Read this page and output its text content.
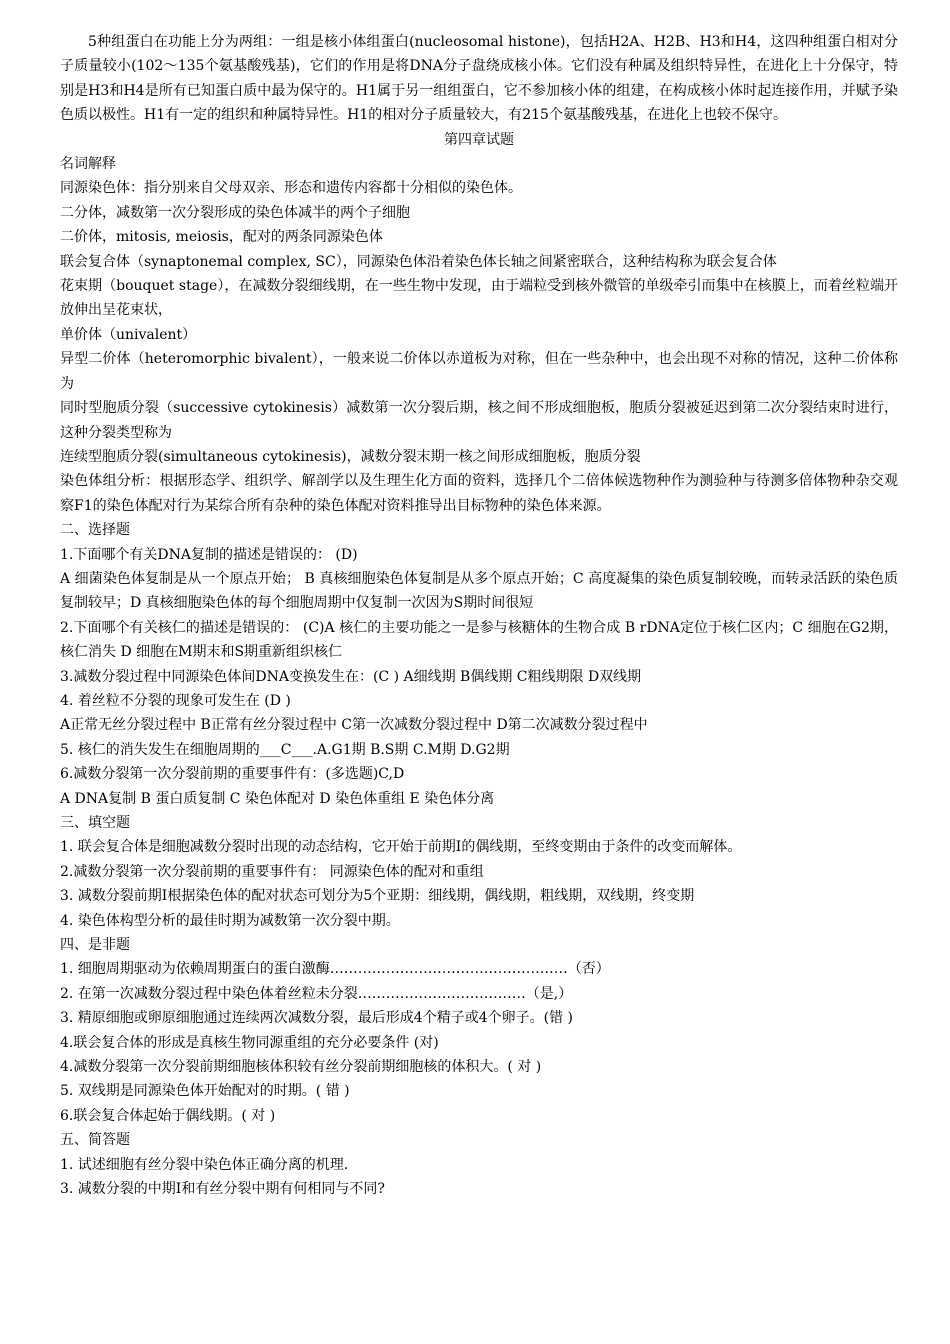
5种组蛋白在功能上分为两组：一组是核小体组蛋白(nucleosomal histone)，包括H2A、H2B、H3和H4，这四种组蛋白相对分子质量较小(102～135个氨基酸残基)，它们的作用是将DNA分子盘绕成核小体。它们没有种属及组织特异性，在进化上十分保守，特别是H3和H4是所有已知蛋白质中最为保守的。H1属于另一组组蛋白，它不参加核小体的组建，在构成核小体时起连接作用，并赋予染色质以极性。H1有一定的组织和种属特异性。H1的相对分子质量较大，有215个氨基酸残基，在进化上也较不保守。

第四章试题

名词解释

同源染色体：指分别来自父母双亲、形态和遗传内容都十分相似的染色体。

二分体，减数第一次分裂形成的染色体减半的两个子细胞

二价体，mitosis, meiosis，配对的两条同源染色体

联会复合体（synaptonemal complex, SC），同源染色体沿着染色体长轴之间紧密联合，这种结构称为联会复合体

花束期（bouquet stage），在减数分裂细线期，在一些生物中发现，由于端粒受到核外微管的单级牵引而集中在核膜上，而着丝粒端开放伸出呈花束状，

单价体（univalent）

异型二价体（heteromorphic bivalent），一般来说二价体以赤道板为对称，但在一些杂种中，也会出现不对称的情况，这种二价体称为

同时型胞质分裂（successive cytokinesis）减数第一次分裂后期，核之间不形成细胞板，胞质分裂被延迟到第二次分裂结束时进行，这种分裂类型称为

连续型胞质分裂(simultaneous cytokinesis)，减数分裂末期一核之间形成细胞板，胞质分裂

染色体组分析：根据形态学、组织学、解剖学以及生理生化方面的资料，选择几个二倍体候选物种作为测验种与待测多倍体物种杂交观察F1的染色体配对行为某综合所有杂种的染色体配对资料推导出目标物种的染色体来源。

二、选择题

1.下面哪个有关DNA复制的描述是错误的： (D)

A 细菌染色体复制是从一个原点开始； B 真核细胞染色体复制是从多个原点开始；C 高度凝集的染色质复制较晚，而转录活跃的染色质复制较早；D 真核细胞染色体的每个细胞周期中仅复制一次因为S期时间很短

2.下面哪个有关核仁的描述是错误的： (C)A 核仁的主要功能之一是参与核糖体的生物合成 B rDNA定位于核仁区内；C 细胞在G2期，核仁消失 D 细胞在M期末和S期重新组织核仁

3.减数分裂过程中同源染色体间DNA变换发生在：(C ) A细线期 B偶线期 C粗线期限 D双线期

4. 着丝粒不分裂的现象可发生在 (D )

A正常无丝分裂过程中 B正常有丝分裂过程中 C第一次减数分裂过程中 D第二次减数分裂过程中

5. 核仁的消失发生在细胞周期的___C___.A.G1期 B.S期 C.M期 D.G2期

6.减数分裂第一次分裂前期的重要事件有：(多选题)C,D

A DNA复制 B 蛋白质复制 C 染色体配对 D 染色体重组 E 染色体分离

三、填空题

1. 联会复合体是细胞减数分裂时出现的动态结构，它开始于前期Ⅰ的偶线期，至终变期由于条件的改变而解体。

2.减数分裂第一次分裂前期的重要事件有： 同源染色体的配对和重组

3. 减数分裂前期Ⅰ根据染色体的配对状态可划分为5个亚期：细线期，偶线期，粗线期，双线期，终变期

4. 染色体构型分析的最佳时期为减数第一次分裂中期。

四、是非题

1. 细胞周期驱动为依赖周期蛋白的蛋白激酶……………………………………………（否）

2. 在第一次减数分裂过程中染色体着丝粒未分裂………………………………（是,）

3. 精原细胞或卵原细胞通过连续两次减数分裂，最后形成4个精子或4个卵子。(错 )

4.联会复合体的形成是真核生物同源重组的充分必要条件 (对)

4.减数分裂第一次分裂前期细胞核体积较有丝分裂前期细胞核的体积大。( 对 )

5. 双线期是同源染色体开始配对的时期。( 错 )

6.联会复合体起始于偶线期。( 对 )

五、简答题

1. 试述细胞有丝分裂中染色体正确分离的机理.

3. 减数分裂的中期Ⅰ和有丝分裂中期有何相同与不同?
